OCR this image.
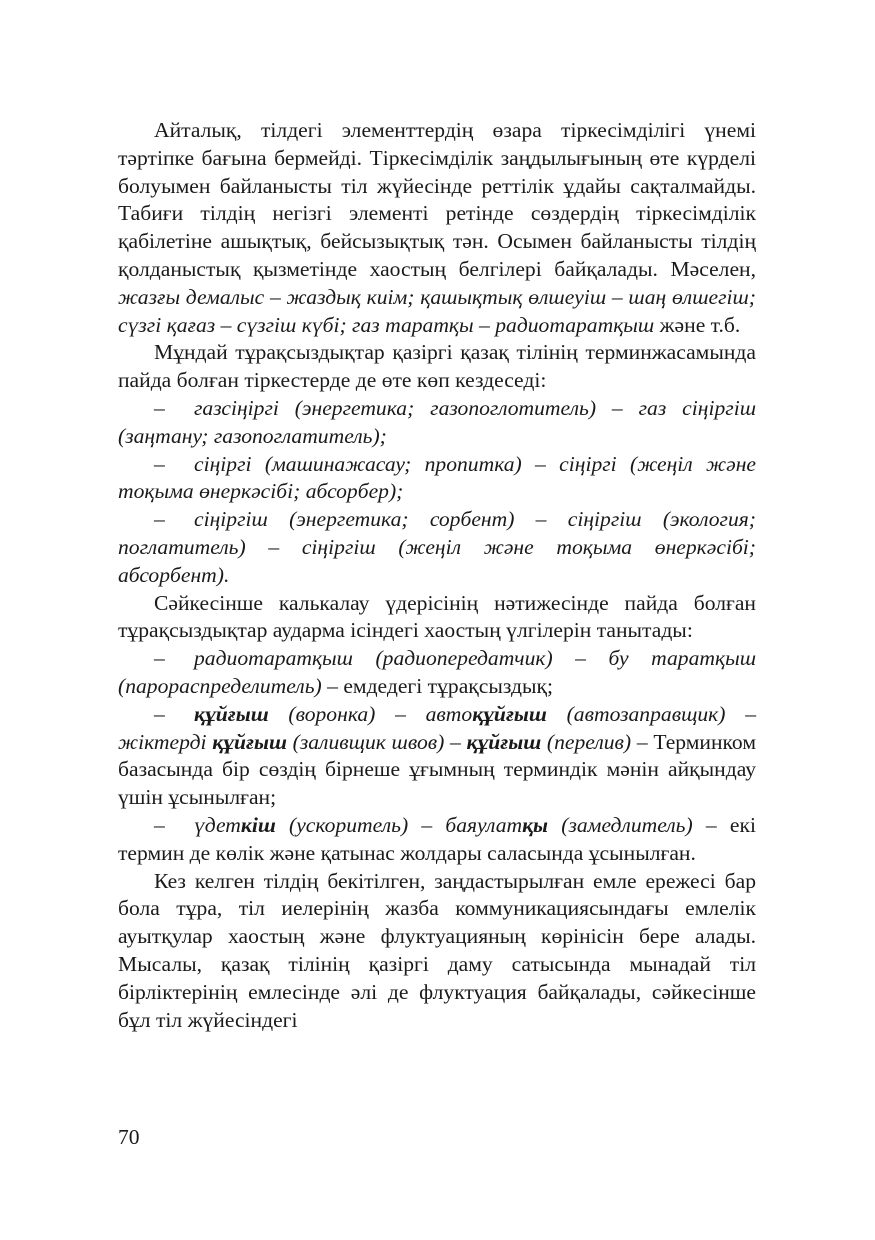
Айталық, тілдегі элементтердің өзара тіркесімділігі үнемі тәртіпке бағына бермейді. Тіркесімділік заңдылығының өте күрделі болуымен байланысты тіл жүйесінде реттілік ұдайы сақталмайды. Табиғи тілдің негізгі элементі ретінде сөздердің тіркесімділік қабілетіне ашықтық, бейсызықтық тән. Осымен байланысты тілдің қолданыстық қызметінде хаостың белгілері байқалады. Мәселен, жазғы демалыс – жаздық киім; қашықтық өлшеуіш – шаң өлшегіш; сүзгі қағаз – сүзгіш күбі; газ таратқы – радиотаратқыш және т.б.

Мұндай тұрақсыздықтар қазіргі қазақ тілінің терминжасамында пайда болған тіркестерде де өте көп кездеседі:

– газсіңіргі (энергетика; газопоглотитель) – газ сіңіргіш (заңтану; газопоглатитель);

– сіңіргі (машинажасау; пропитка) – сіңіргі (жеңіл және тоқыма өнеркәсібі; абсорбер);

– сіңіргіш (энергетика; сорбент) – сіңіргіш (экология; поглатитель) – сіңіргіш (жеңіл және тоқыма өнеркәсібі; абсорбент).

Сәйкесінше калькалау үдерісінің нәтижесінде пайда болған тұрақсыздықтар аударма ісіндегі хаостың үлгілерін танытады:

– радиотаратқыш (радиопередатчик) – бу таратқыш (пароpаспределитель) – емдедегі тұрақсыздық;

– құйғыш (воронка) – автоқұйғыш (автозаправщик) – жіктерді құйғыш (заливщик швов) – құйғыш (перелив) – Терминком базасында бір сөздің бірнеше ұғымның терминдік мәнін айқындау үшін ұсынылған;

– үдеткіш (ускоритель) – баяулатқы (замедлитель) – екі термин де көлік және қатынас жолдары саласында ұсынылған.

Кез келген тілдің бекітілген, заңдастырылған емле ережесі бар бола тұра, тіл иелерінің жазба коммуникациясындағы емлелік ауытқулар хаостың және флуктуацияның көрінісін бере алады. Мысалы, қазақ тілінің қазіргі даму сатысында мынадай тіл бірліктерінің емлесінде әлі де флуктуация байқалады, сәйкесінше бұл тіл жүйесіндегі

70
